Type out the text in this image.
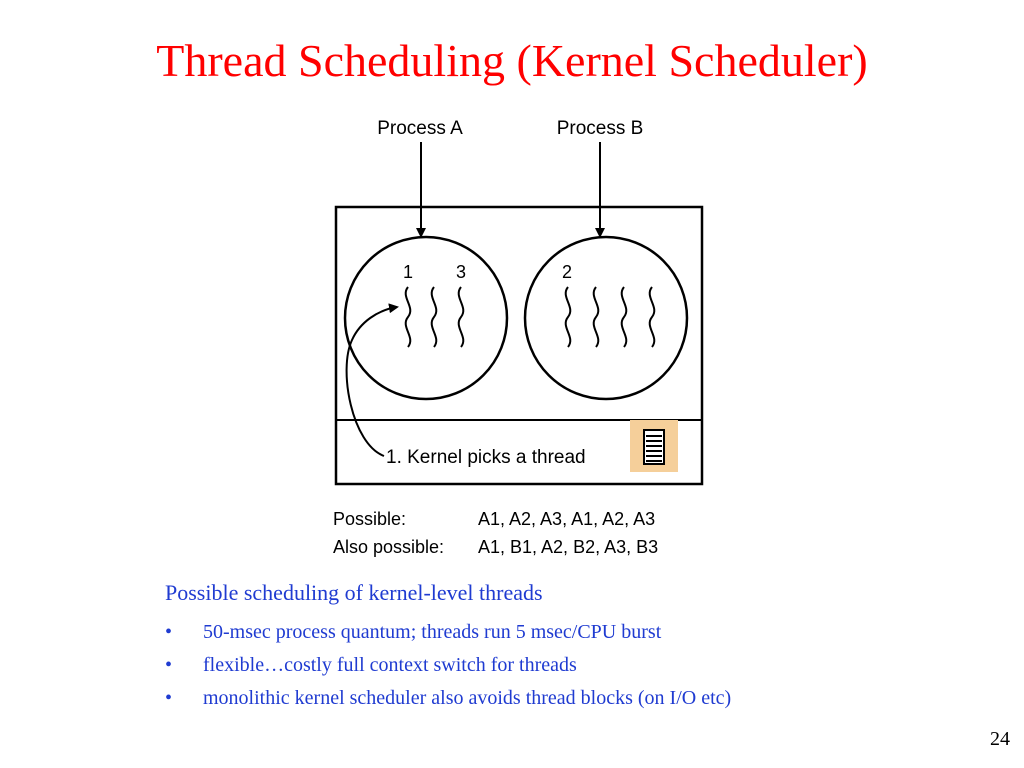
Thread Scheduling (Kernel Scheduler)
Process A	Process B
1 3	2
1. Kernel picks a thread
Possible:	A1, A2, A3, A1, A2, A3
Also possible: A1, B1, A2, B2, A3, B3
Possible scheduling of kernel-level threads
• 50-msec process quantum; threads run 5 msec/CPU burst
• flexible…costly full context switch for threads
• monolithic kernel scheduler also avoids thread blocks (on I/O etc)
24
